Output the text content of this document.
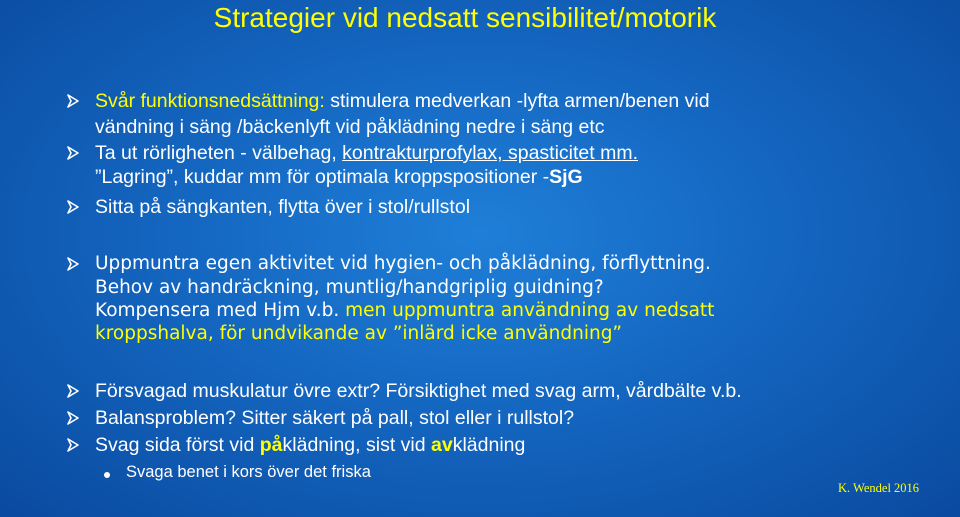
Strategier vid nedsatt sensibilitet/motorik
Svår funktionsnedsättning: stimulera medverkan -lyfta armen/benen vid
vändning i säng /bäckenlyft vid påklädning nedre i säng etc
Ta ut rörligheten - välbehag, kontrakturprofylax, spasticitet mm.
”Lagring”, kuddar mm för optimala kroppspositioner -SjG
Sitta på sängkanten, flytta över i stol/rullstol
Uppmuntra egen aktivitet vid hygien- och påklädning, förflyttning.
Behov av handräckning, muntlig/handgriplig guidning?
Kompensera med Hjm v.b. men uppmuntra användning av nedsatt
kroppshalva, för undvikande av ”inlärd icke användning”
Försvagad muskulatur övre extr? Försiktighet med svag arm, vårdbälte v.b.
Balansproblem? Sitter säkert på pall, stol eller i rullstol?
Svag sida först vid påklädning, sist vid avklädning
Svaga benet i kors över det friska
K. Wendel 2016
